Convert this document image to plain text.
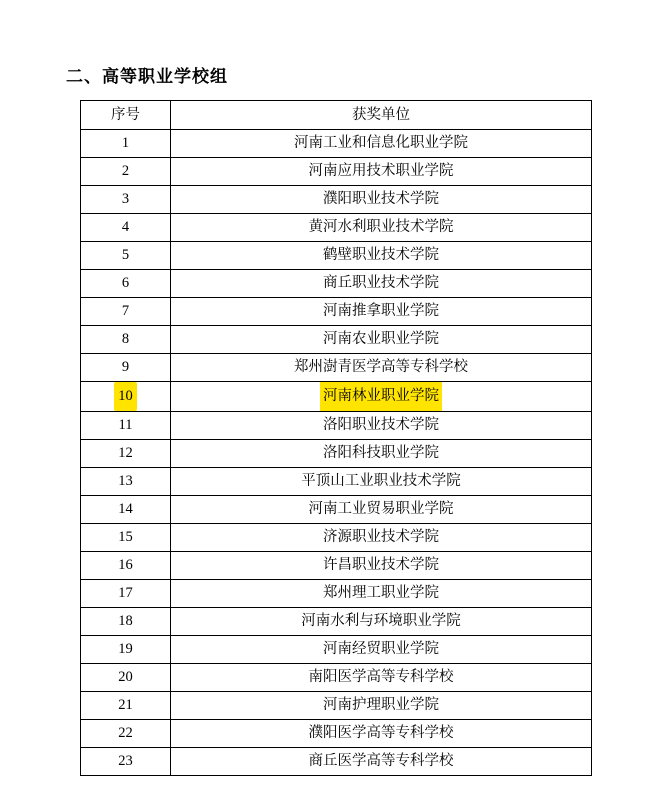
二、高等职业学校组
序号	获奖单位
1	河南工业和信息化职业学院
2	河南应用技术职业学院
3	濮阳职业技术学院
4	黄河水利职业技术学院
5	鹤壁职业技术学院
6	商丘职业技术学院
7	河南推拿职业学院
8	河南农业职业学院
9	郑州澍青医学高等专科学校
10	河南林业职业学院
11	洛阳职业技术学院
12	洛阳科技职业学院
13	平顶山工业职业技术学院
14	河南工业贸易职业学院
15	济源职业技术学院
16	许昌职业技术学院
17	郑州理工职业学院
18	河南水利与环境职业学院
19	河南经贸职业学院
20	南阳医学高等专科学校
21	河南护理职业学院
22	濮阳医学高等专科学校
23	商丘医学高等专科学校
